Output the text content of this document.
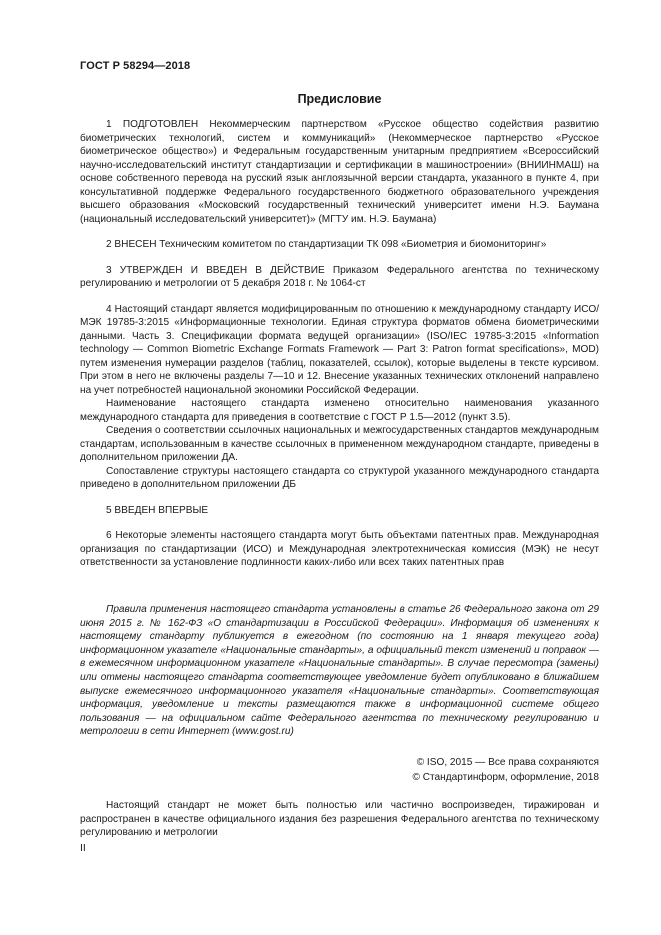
ГОСТ Р 58294—2018
Предисловие

1 ПОДГОТОВЛЕН Некоммерческим партнерством «Русское общество содействия развитию биометрических технологий, систем и коммуникаций» (Некоммерческое партнерство «Русское биометрическое общество») и Федеральным государственным унитарным предприятием «Всероссийский научно-исследовательский институт стандартизации и сертификации в машиностроении» (ВНИИНМАШ) на основе собственного перевода на русский язык англоязычной версии стандарта, указанного в пункте 4, при консультативной поддержке Федерального государственного бюджетного образовательного учреждения высшего образования «Московский государственный технический университет имени Н.Э. Баумана (национальный исследовательский университет)» (МГТУ им. Н.Э. Баумана)

2 ВНЕСЕН Техническим комитетом по стандартизации ТК 098 «Биометрия и биомониторинг»

3 УТВЕРЖДЕН И ВВЕДЕН В ДЕЙСТВИЕ Приказом Федерального агентства по техническому регулированию и метрологии от 5 декабря 2018 г. № 1064-ст

4 Настоящий стандарт является модифицированным по отношению к международному стандарту ИСО/МЭК 19785-3:2015 «Информационные технологии. Единая структура форматов обмена биометрическими данными. Часть 3. Спецификации формата ведущей организации» (ISO/IEC 19785-3:2015 «Information technology — Common Biometric Exchange Formats Framework — Part 3: Patron format specifications», MOD) путем изменения нумерации разделов (таблиц, показателей, ссылок), которые выделены в тексте курсивом. При этом в него не включены разделы 7—10 и 12. Внесение указанных технических отклонений направлено на учет потребностей национальной экономики Российской Федерации.

Наименование настоящего стандарта изменено относительно наименования указанного международного стандарта для приведения в соответствие с ГОСТ Р 1.5—2012 (пункт 3.5).

Сведения о соответствии ссылочных национальных и межгосударственных стандартов международным стандартам, использованным в качестве ссылочных в примененном международном стандарте, приведены в дополнительном приложении ДА.

Сопоставление структуры настоящего стандарта со структурой указанного международного стандарта приведено в дополнительном приложении ДБ

5 ВВЕДЕН ВПЕРВЫЕ

6 Некоторые элементы настоящего стандарта могут быть объектами патентных прав. Международная организация по стандартизации (ИСО) и Международная электротехническая комиссия (МЭК) не несут ответственности за установление подлинности каких-либо или всех таких патентных прав

Правила применения настоящего стандарта установлены в статье 26 Федерального закона от 29 июня 2015 г. № 162-ФЗ «О стандартизации в Российской Федерации». Информация об изменениях к настоящему стандарту публикуется в ежегодном (по состоянию на 1 января текущего года) информационном указателе «Национальные стандарты», а официальный текст изменений и поправок — в ежемесячном информационном указателе «Национальные стандарты». В случае пересмотра (замены) или отмены настоящего стандарта соответствующее уведомление будет опубликовано в ближайшем выпуске ежемесячного информационного указателя «Национальные стандарты». Соответствующая информация, уведомление и тексты размещаются также в информационной системе общего пользования — на официальном сайте Федерального агентства по техническому регулированию и метрологии в сети Интернет (www.gost.ru)

© ISO, 2015 — Все права сохраняются
© Стандартинформ, оформление, 2018

Настоящий стандарт не может быть полностью или частично воспроизведен, тиражирован и распространен в качестве официального издания без разрешения Федерального агентства по техническому регулированию и метрологии

II
